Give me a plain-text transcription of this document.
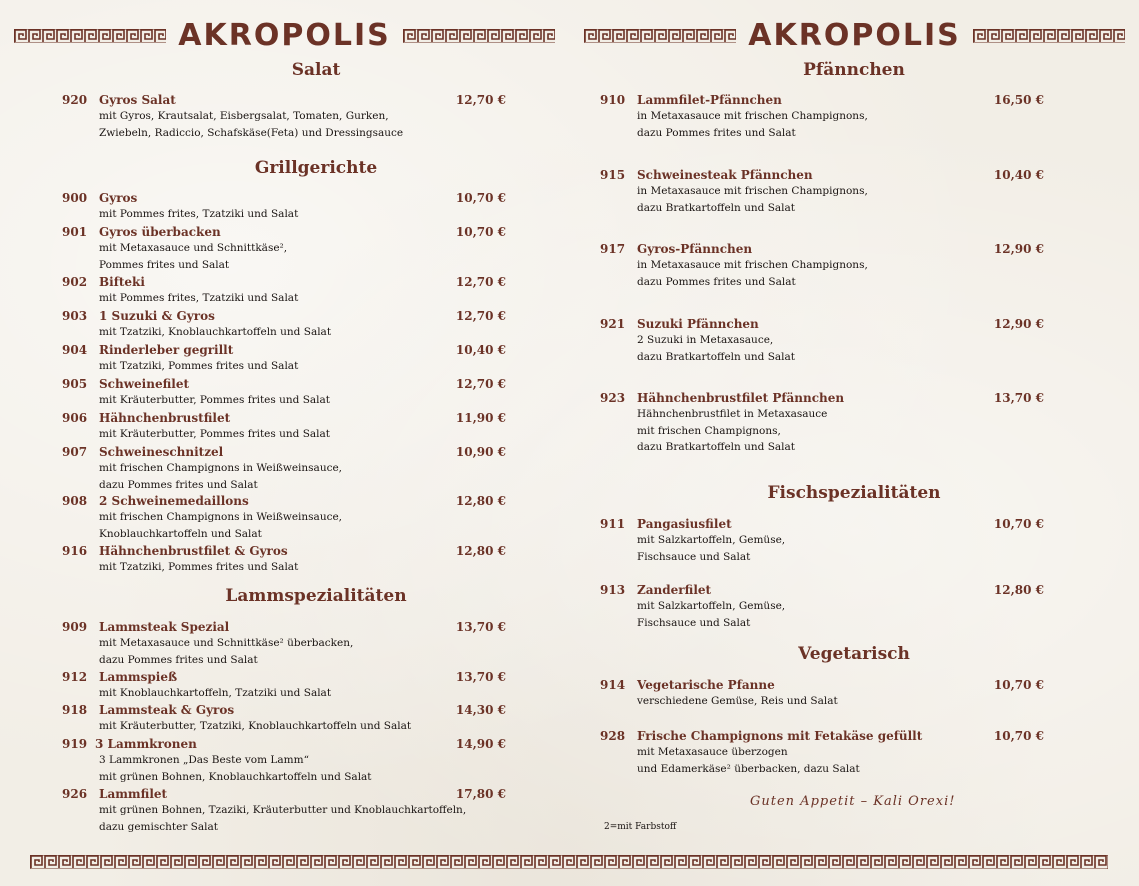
AKROPOLIS	AKROPOLIS
Salat
Grillgerichte
Lammspezialitäten
Pfännchen
Fischspezialitäten
Vegetarisch
920 Gyros Salat	12,70 €
mit Gyros, Krautsalat, Eisbergsalat, Tomaten, Gurken,
Zwiebeln, Radiccio, Schafskäse(Feta) und Dressingsauce
900 Gyros	10,70 €
mit Pommes frites, Tzatziki und Salat
901 Gyros überbacken	10,70 €
mit Metaxasauce und Schnittkäse²,
Pommes frites und Salat
902 Bifteki	12,70 €
mit Pommes frites, Tzatziki und Salat
903 1 Suzuki & Gyros	12,70 €
mit Tzatziki, Knoblauchkartoffeln und Salat
904 Rinderleber gegrillt	10,40 €
mit Tzatziki, Pommes frites und Salat
905 Schweinefilet	12,70 €
mit Kräuterbutter, Pommes frites und Salat
906 Hähnchenbrustfilet	11,90 €
mit Kräuterbutter, Pommes frites und Salat
907 Schweineschnitzel	10,90 €
mit frischen Champignons in Weißweinsauce,
dazu Pommes frites und Salat
908 2 Schweinemedaillons	12,80 €
mit frischen Champignons in Weißweinsauce,
Knoblauchkartoffeln und Salat
916 Hähnchenbrustfilet & Gyros	12,80 €
mit Tzatziki, Pommes frites und Salat
909 Lammsteak Spezial	13,70 €
mit Metaxasauce und Schnittkäse² überbacken,
dazu Pommes frites und Salat
912 Lammspieß	13,70 €
mit Knoblauchkartoffeln, Tzatziki und Salat
918 Lammsteak & Gyros	14,30 €
mit Kräuterbutter, Tzatziki, Knoblauchkartoffeln und Salat
919 3 Lammkronen	14,90 €
3 Lammkronen „Das Beste vom Lamm“
mit grünen Bohnen, Knoblauchkartoffeln und Salat
926 Lammfilet	17,80 €
mit grünen Bohnen, Tzaziki, Kräuterbutter und Knoblauchkartoffeln,
dazu gemischter Salat
910 Lammfilet-Pfännchen	16,50 €
in Metaxasauce mit frischen Champignons,
dazu Pommes frites und Salat
915 Schweinesteak Pfännchen	10,40 €
in Metaxasauce mit frischen Champignons,
dazu Bratkartoffeln und Salat
917 Gyros-Pfännchen	12,90 €
in Metaxasauce mit frischen Champignons,
dazu Pommes frites und Salat
921 Suzuki Pfännchen	12,90 €
2 Suzuki in Metaxasauce,
dazu Bratkartoffeln und Salat
923 Hähnchenbrustfilet Pfännchen	13,70 €
Hähnchenbrustfilet in Metaxasauce
mit frischen Champignons,
dazu Bratkartoffeln und Salat
911 Pangasiusfilet	10,70 €
mit Salzkartoffeln, Gemüse,
Fischsauce und Salat
913 Zanderfilet	12,80 €
mit Salzkartoffeln, Gemüse,
Fischsauce und Salat
914 Vegetarische Pfanne	10,70 €
verschiedene Gemüse, Reis und Salat
928 Frische Champignons mit Fetakäse gefüllt	10,70 €
mit Metaxasauce überzogen
und Edamerkäse² überbacken, dazu Salat
Guten Appetit – Kali Orexi!
2=mit Farbstoff
